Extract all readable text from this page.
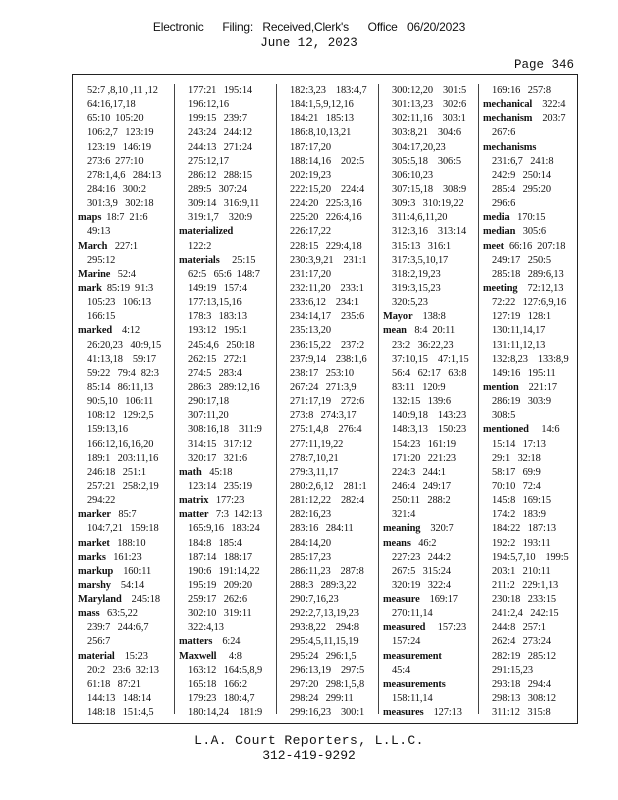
Electronic      Filing:   Received,Clerk's      Office   06/20/2023
June 12, 2023
Page 346
52:7 ,8,10 ,11 ,12
64:16,17,18
65:10  105:20
106:2,7   123:19
123:19   146:19
273:6  277:10
278:1,4,6   284:13
284:16   300:2
301:3,9   302:18
maps  18:7  21:6
49:13
March   227:1
295:12
Marine   52:4
mark  85:19  91:3
105:23   106:13
166:15
marked    4:12
26:20,23   40:9,15
41:13,18    59:17
59:22   79:4  82:3
85:14   86:11,13
90:5,10   106:11
108:12   129:2,5
159:13,16
166:12,16,16,20
189:1   203:11,16
246:18   251:1
257:21   258:2,19
294:22
marker   85:7
104:7,21   159:18
market   188:10
marks   161:23
markup    160:11
marshy    54:14
Maryland    245:18
mass   63:5,22
239:7   244:6,7
256:7
material    15:23
20:2   23:6  32:13
61:18   87:21
144:13   148:14
148:18   151:4,5
177:21   195:14
196:12,16
199:15   239:7
243:24   244:12
244:13   271:24
275:12,17
286:12   288:15
289:5   307:24
309:14   316:9,11
319:1,7    320:9
materialized
122:2
materials     25:15
62:5   65:6  148:7
149:19   157:4
177:13,15,16
178:3   183:13
193:12   195:1
245:4,6   250:18
262:15   272:1
274:5   283:4
286:3   289:12,16
290:17,18
307:11,20
308:16,18    311:9
314:15   317:12
320:17   321:6
math   45:18
123:14   235:19
matrix   177:23
matter   7:3  142:13
165:9,16   183:24
184:8   185:4
187:14   188:17
190:6   191:14,22
195:19   209:20
259:17   262:6
302:10   319:11
322:4,13
matters    6:24
Maxwell     4:8
163:12   164:5,8,9
165:18   166:2
179:23   180:4,7
180:14,24    181:9
182:3,23    183:4,7
184:1,5,9,12,16
184:21   185:13
186:8,10,13,21
187:17,20
188:14,16    202:5
202:19,23
222:15,20    224:4
224:20   225:3,16
225:20   226:4,16
226:17,22
228:15   229:4,18
230:3,9,21    231:1
231:17,20
232:11,20    233:1
233:6,12    234:1
234:14,17    235:6
235:13,20
236:15,22    237:2
237:9,14    238:1,6
238:17   253:10
267:24   271:3,9
271:17,19    272:6
273:8   274:3,17
275:1,4,8    276:4
277:11,19,22
278:7,10,21
279:3,11,17
280:2,6,12    281:1
281:12,22    282:4
282:16,23
283:16   284:11
284:14,20
285:17,23
286:11,23    287:8
288:3   289:3,22
290:7,16,23
292:2,7,13,19,23
293:8,22    294:8
295:4,5,11,15,19
295:24   296:1,5
296:13,19    297:5
297:20   298:1,5,8
298:24   299:11
299:16,23    300:1
300:12,20    301:5
301:13,23    302:6
302:11,16    303:1
303:8,21    304:6
304:17,20,23
305:5,18    306:5
306:10,23
307:15,18    308:9
309:3   310:19,22
311:4,6,11,20
312:3,16    313:14
315:13   316:1
317:3,5,10,17
318:2,19,23
319:3,15,23
320:5,23
Mayor    138:8
mean   8:4  20:11
23:2   36:22,23
37:10,15    47:1,15
56:4   62:17   63:8
83:11   120:9
132:15   139:6
140:9,18    143:23
148:3,13    150:23
154:23   161:19
171:20   221:23
224:3   244:1
246:4   249:17
250:11   288:2
321:4
meaning    320:7
means   46:2
227:23   244:2
267:5   315:24
320:19   322:4
measure    169:17
270:11,14
measured     157:23
157:24
measurement
45:4
measurements
158:11,14
measures    127:13
169:16   257:8
mechanical    322:4
mechanism    203:7
267:6
mechanisms
231:6,7   241:8
242:9   250:14
285:4   295:20
296:6
media   170:15
median   305:6
meet  66:16  207:18
249:17   250:5
285:18   289:6,13
meeting    72:12,13
72:22   127:6,9,16
127:19   128:1
130:11,14,17
131:11,12,13
132:8,23    133:8,9
149:16   195:11
mention    221:17
286:19   303:9
308:5
mentioned     14:6
15:14   17:13
29:1   32:18
58:17   69:9
70:10   72:4
145:8   169:15
174:2   183:9
184:22   187:13
192:2   193:11
194:5,7,10    199:5
203:1   210:11
211:2   229:1,13
230:18   233:15
241:2,4   242:15
244:8   257:1
262:4   273:24
282:19   285:12
291:15,23
293:18   294:4
298:13   308:12
311:12   315:8
L.A. Court Reporters, L.L.C.
312-419-9292
